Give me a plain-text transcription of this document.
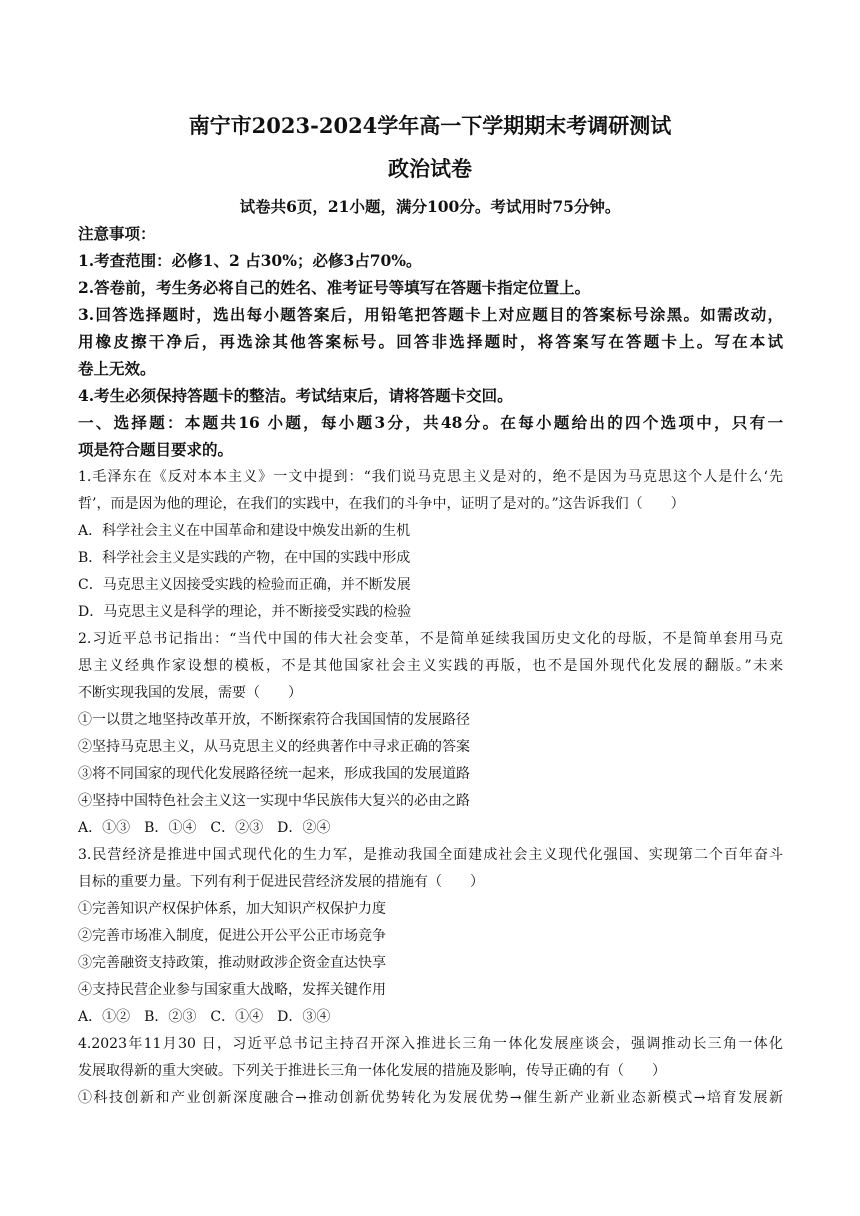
南宁市2023-2024学年高一下学期期末考调研测试
政治试卷
试卷共6页，21小题，满分100分。考试用时75分钟。
注意事项：
1.考查范围：必修1、2 占30%；必修3占70%。
2.答卷前，考生务必将自己的姓名、准考证号等填写在答题卡指定位置上。
3.回答选择题时，选出每小题答案后，用铅笔把答题卡上对应题目的答案标号涂黑。如需改动，
用橡皮擦干净后，再选涂其他答案标号。回答非选择题时，将答案写在答题卡上。写在本试
卷上无效。
4.考生必须保持答题卡的整洁。考试结束后，请将答题卡交回。
一、选择题：本题共16 小题，每小题3分，共48分。在每小题给出的四个选项中，只有一
项是符合题目要求的。
1.毛泽东在《反对本本主义》一文中提到：“我们说马克思主义是对的，绝不是因为马克思这个人是什么‘先
哲’，而是因为他的理论，在我们的实践中，在我们的斗争中，证明了是对的。”这告诉我们（　　）
A．科学社会主义在中国革命和建设中焕发出新的生机
B．科学社会主义是实践的产物，在中国的实践中形成
C．马克思主义因接受实践的检验而正确，并不断发展
D．马克思主义是科学的理论，并不断接受实践的检验
2.习近平总书记指出：“当代中国的伟大社会变革，不是简单延续我国历史文化的母版，不是简单套用马克
思主义经典作家设想的模板，不是其他国家社会主义实践的再版，也不是国外现代化发展的翻版。”未来
不断实现我国的发展，需要（　　）
①一以贯之地坚持改革开放，不断探索符合我国国情的发展路径
②坚持马克思主义，从马克思主义的经典著作中寻求正确的答案
③将不同国家的现代化发展路径统一起来，形成我国的发展道路
④坚持中国特色社会主义这一实现中华民族伟大复兴的必由之路
A．①③　B．①④　C．②③　D．②④
3.民营经济是推进中国式现代化的生力军，是推动我国全面建成社会主义现代化强国、实现第二个百年奋斗
目标的重要力量。下列有利于促进民营经济发展的措施有（　　）
①完善知识产权保护体系，加大知识产权保护力度
②完善市场准入制度，促进公开公平公正市场竞争
③完善融资支持政策，推动财政涉企资金直达快享
④支持民营企业参与国家重大战略，发挥关键作用
A．①②　B．②③　C．①④　D．③④
4.2023年11月30 日，习近平总书记主持召开深入推进长三角一体化发展座谈会，强调推动长三角一体化
发展取得新的重大突破。下列关于推进长三角一体化发展的措施及影响，传导正确的有（　　）
①科技创新和产业创新深度融合→推动创新优势转化为发展优势→催生新产业新业态新模式→培育发展新
